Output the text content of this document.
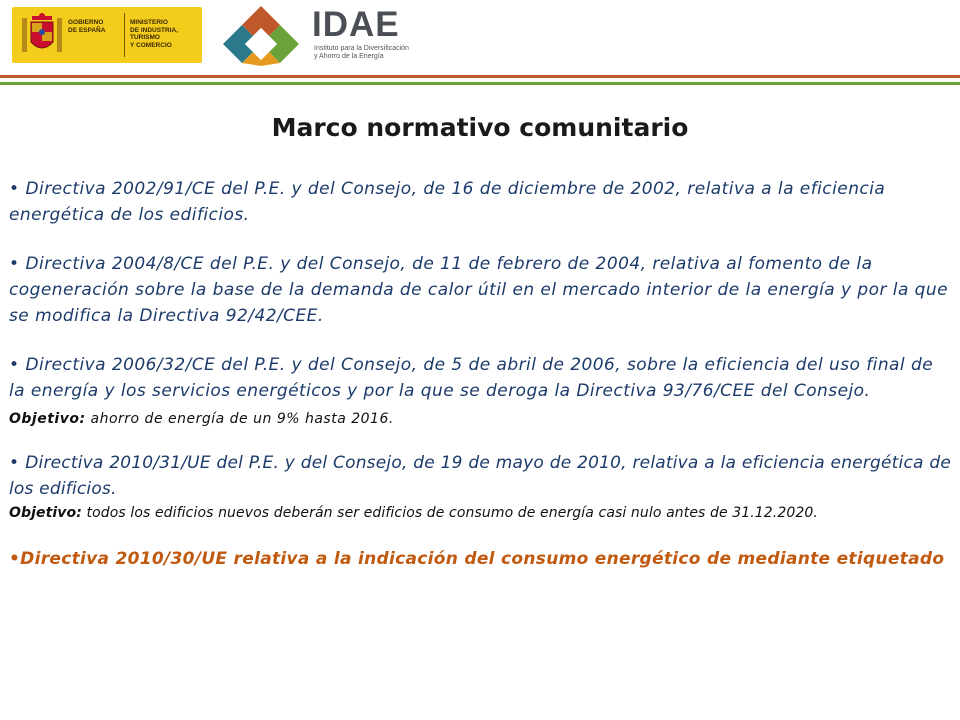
GOBIERNO
DE ESPAÑA
MINISTERIO
DE INDUSTRIA, TURISMO
Y COMERCIO
IDAE
Instituto para la Diversificación
y Ahorro de la Energía
Marco normativo comunitario

• Directiva 2002/91/CE del P.E. y del Consejo, de 16 de diciembre de 2002, relativa a la eficiencia energética de los edificios.

• Directiva 2004/8/CE del P.E. y del Consejo, de 11 de febrero de 2004, relativa al fomento de la cogeneración sobre la base de la demanda de calor útil en el mercado interior de la energía y por la que se modifica la Directiva 92/42/CEE.

• Directiva 2006/32/CE del P.E. y del Consejo, de 5 de abril de 2006, sobre la eficiencia del uso final de la energía y los servicios energéticos y por la que se deroga la Directiva 93/76/CEE del Consejo.

Objetivo: ahorro de energía de un 9% hasta 2016.

• Directiva 2010/31/UE del P.E. y del Consejo, de 19 de mayo de 2010, relativa a la eficiencia energética de los edificios.

Objetivo: todos los edificios nuevos deberán ser edificios de consumo de energía casi nulo antes de 31.12.2020.

•Directiva 2010/30/UE relativa a la indicación del consumo energético de mediante etiquetado
